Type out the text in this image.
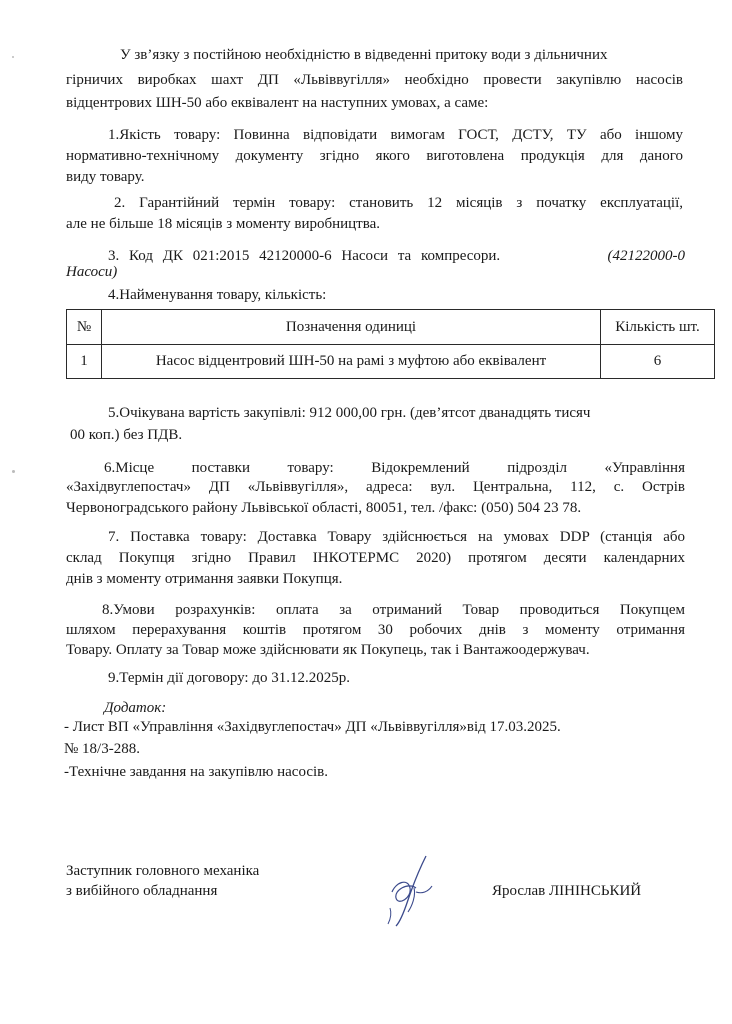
У зв’язку з постійною необхідністю в відведенні притоку води з дільничних

гірничих виробках шахт ДП «Львіввугілля» необхідно провести закупівлю насосів

відцентрових ШН-50 або еквівалент на наступних умовах, а саме:

1.Якість товару: Повинна відповідати вимогам ГОСТ, ДСТУ, ТУ або іншому

нормативно-технічному документу згідно якого виготовлена продукція для даного

виду товару.

2. Гарантійний термін товару: становить 12 місяців з початку експлуатації,

але не більше 18 місяців з моменту виробництва.

3. Код ДК 021:2015 42120000-6 Насоси та компресори.	(42122000-0

Насоси)

4.Найменування товару, кількість:

№	Позначення одиниці	Кількість шт.
1	Насос відцентровий ШН-50 на рамі з муфтою або еквівалент	6

5.Очікувана вартість закупівлі: 912 000,00 грн. (дев’ятсот дванадцять тисяч

00 коп.) без ПДВ.

6.Місце поставки товару: Відокремлений підрозділ «Управління

«Західвуглепостач» ДП «Львіввугілля», адреса: вул. Центральна, 112, с. Острів

Червоноградського району Львівської області, 80051, тел. /факс: (050) 504 23 78.

7. Поставка товару: Доставка Товару здійснюється на умовах DDP (станція або

склад Покупця згідно Правил ІНКОТЕРМС 2020) протягом десяти календарних

днів з моменту отримання заявки Покупця.

8.Умови розрахунків: оплата за отриманий Товар проводиться Покупцем

шляхом перерахування коштів протягом 30 робочих днів з моменту отримання

Товару. Оплату за Товар може здійснювати як Покупець, так і Вантажоодержувач.

9.Термін дії договору: до 31.12.2025р.

Додаток:

- Лист ВП «Управління «Західвуглепостач» ДП «Львіввугілля»від 17.03.2025.

№ 18/3-288.

-Технічне завдання на закупівлю насосів.

Заступник головного механіка

з вибійного обладнання	Ярослав ЛІНІНСЬКИЙ
